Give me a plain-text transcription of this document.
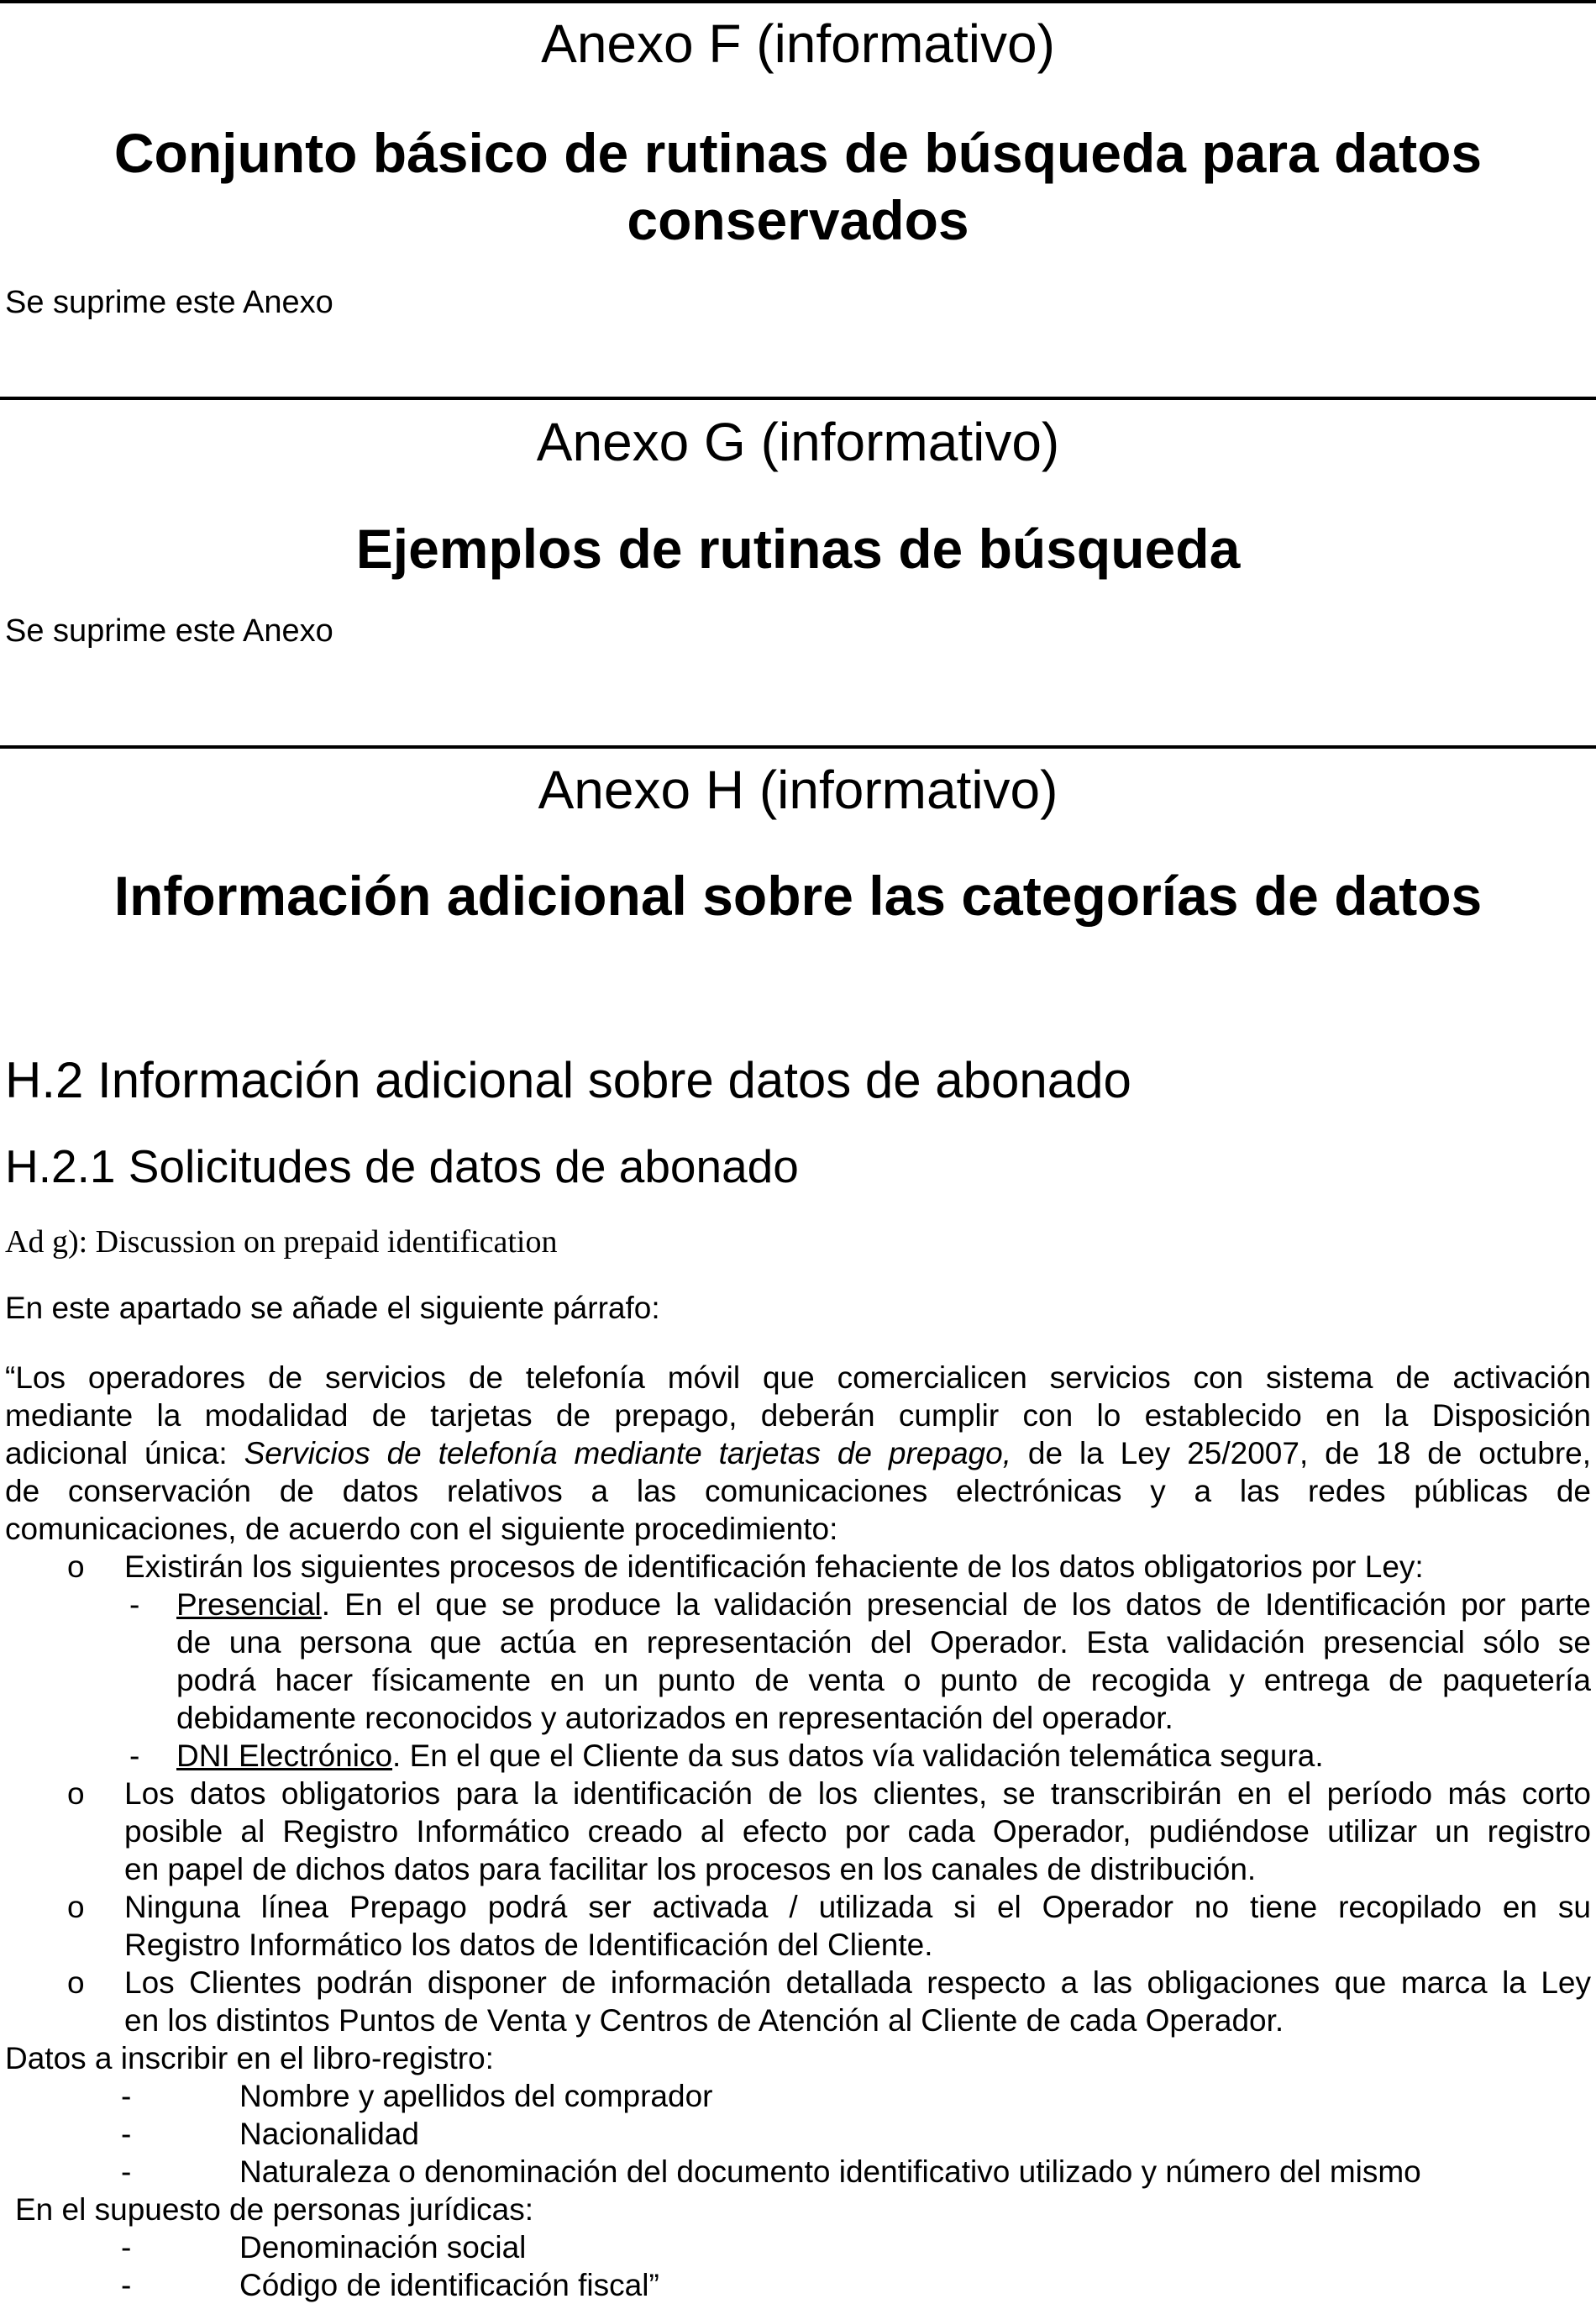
Anexo F (informativo)
Conjunto básico de rutinas de búsqueda para datos
conservados
Se suprime este Anexo
Anexo G (informativo)
Ejemplos de rutinas de búsqueda
Se suprime este Anexo
Anexo H (informativo)
Información adicional sobre las categorías de datos
H.2 Información adicional sobre datos de abonado
H.2.1 Solicitudes de datos de abonado
Ad g): Discussion on prepaid identification
En este apartado se añade el siguiente párrafo:
“Los operadores de servicios de telefonía móvil que comercialicen servicios con sistema de activación
mediante la modalidad de tarjetas de prepago, deberán cumplir con lo establecido en la Disposición
adicional única: Servicios de telefonía mediante tarjetas de prepago, de la Ley 25/2007, de 18 de octubre,
de conservación de datos relativos a las comunicaciones electrónicas y a las redes públicas de
comunicaciones, de acuerdo con el siguiente procedimiento:
o Existirán los siguientes procesos de identificación fehaciente de los datos obligatorios por Ley:
- Presencial. En el que se produce la validación presencial de los datos de Identificación por parte
de una persona que actúa en representación del Operador. Esta validación presencial sólo se
podrá hacer físicamente en un punto de venta o punto de recogida y entrega de paquetería
debidamente reconocidos y autorizados en representación del operador.
- DNI Electrónico. En el que el Cliente da sus datos vía validación telemática segura.
o Los datos obligatorios para la identificación de los clientes, se transcribirán en el período más corto
posible al Registro Informático creado al efecto por cada Operador, pudiéndose utilizar un registro
en papel de dichos datos para facilitar los procesos en los canales de distribución.
o Ninguna línea Prepago podrá ser activada / utilizada si el Operador no tiene recopilado en su
Registro Informático los datos de Identificación del Cliente.
o Los Clientes podrán disponer de información detallada respecto a las obligaciones que marca la Ley
en los distintos Puntos de Venta y Centros de Atención al Cliente de cada Operador.
Datos a inscribir en el libro-registro:
-	Nombre y apellidos del comprador
-	Nacionalidad
-	Naturaleza o denominación del documento identificativo utilizado y número del mismo
En el supuesto de personas jurídicas:
-	Denominación social
-	Código de identificación fiscal”
